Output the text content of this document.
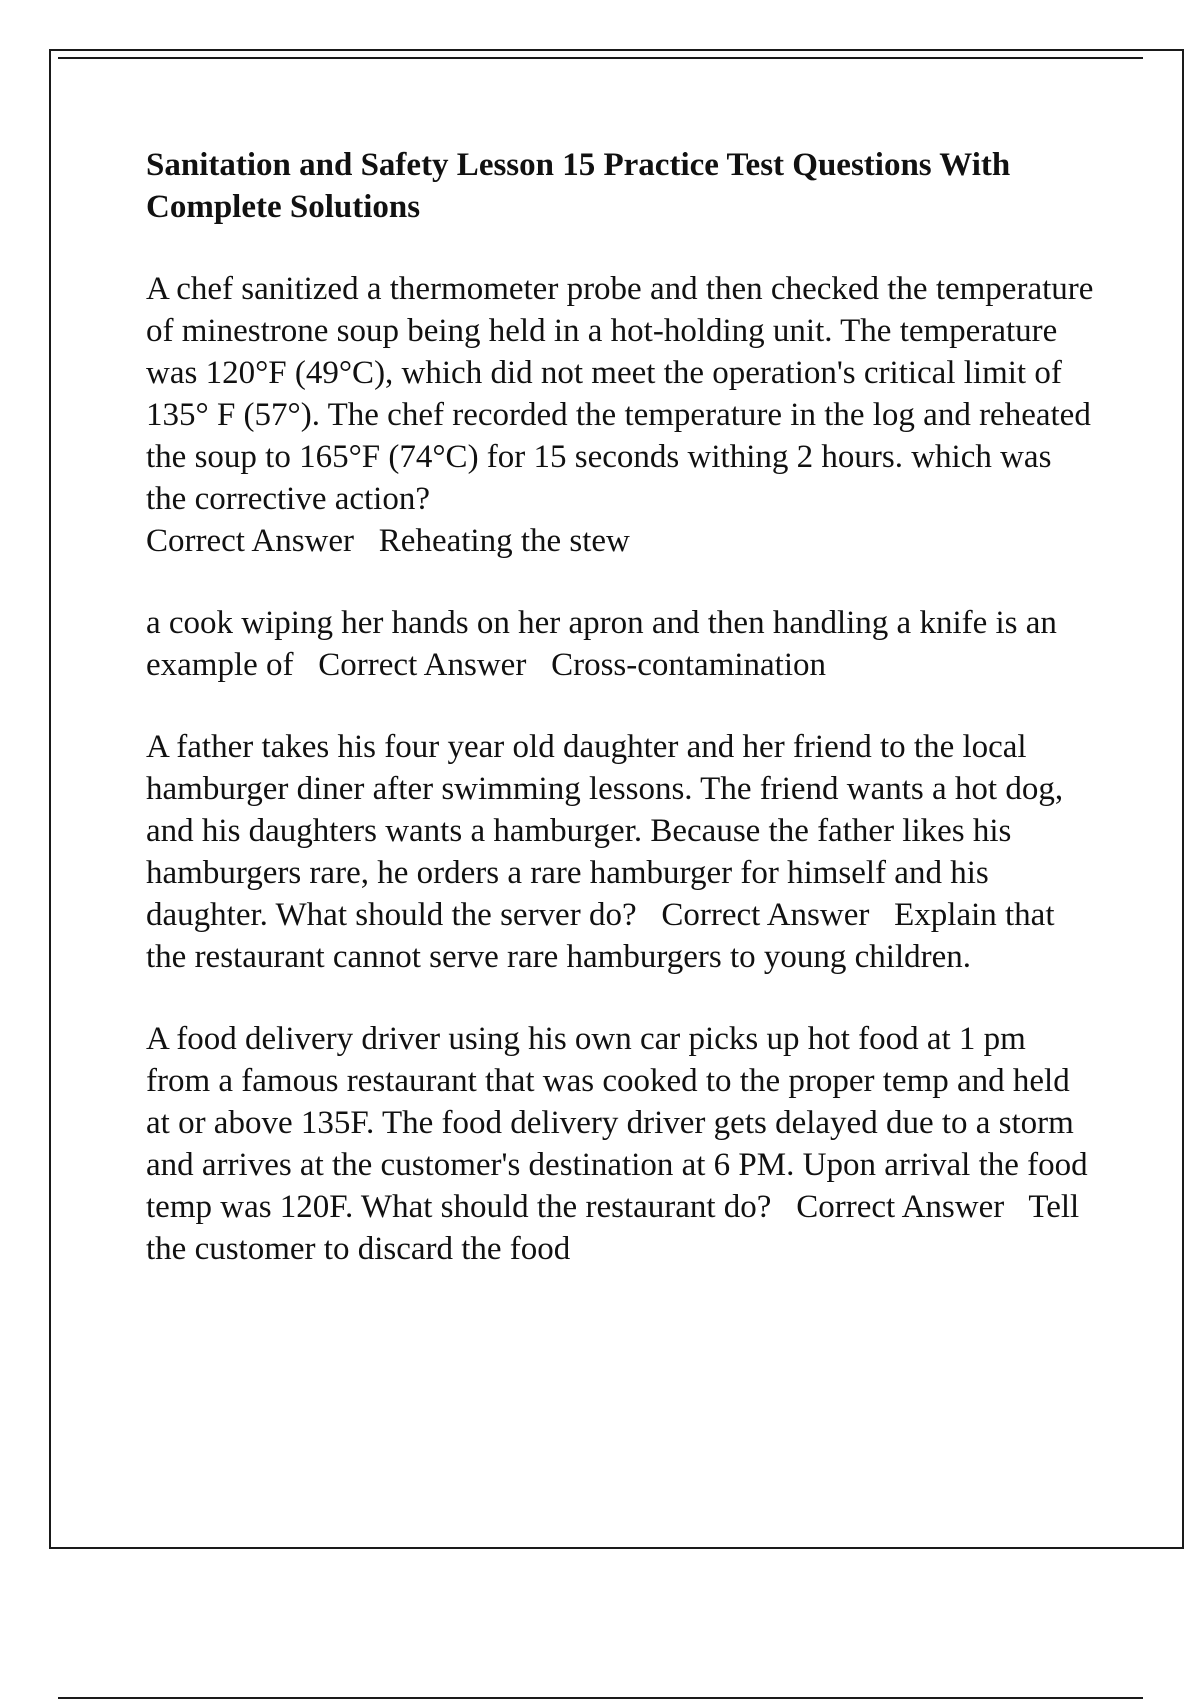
Sanitation and Safety Lesson 15 Practice Test Questions With Complete Solutions
A chef sanitized a thermometer probe and then checked the temperature of minestrone soup being held in a hot-holding unit. The temperature was 120°F (49°C), which did not meet the operation's critical limit of 135° F (57°). The chef recorded the temperature in the log and reheated the soup to 165°F (74°C) for 15 seconds withing 2 hours. which was the corrective action?
Correct Answer Reheating the stew
a cook wiping her hands on her apron and then handling a knife is an example of Correct Answer Cross-contamination
A father takes his four year old daughter and her friend to the local hamburger diner after swimming lessons. The friend wants a hot dog, and his daughters wants a hamburger. Because the father likes his hamburgers rare, he orders a rare hamburger for himself and his daughter. What should the server do? Correct Answer Explain that the restaurant cannot serve rare hamburgers to young children.
A food delivery driver using his own car picks up hot food at 1 pm from a famous restaurant that was cooked to the proper temp and held at or above 135F. The food delivery driver gets delayed due to a storm and arrives at the customer's destination at 6 PM. Upon arrival the food temp was 120F. What should the restaurant do? Correct Answer Tell the customer to discard the food
